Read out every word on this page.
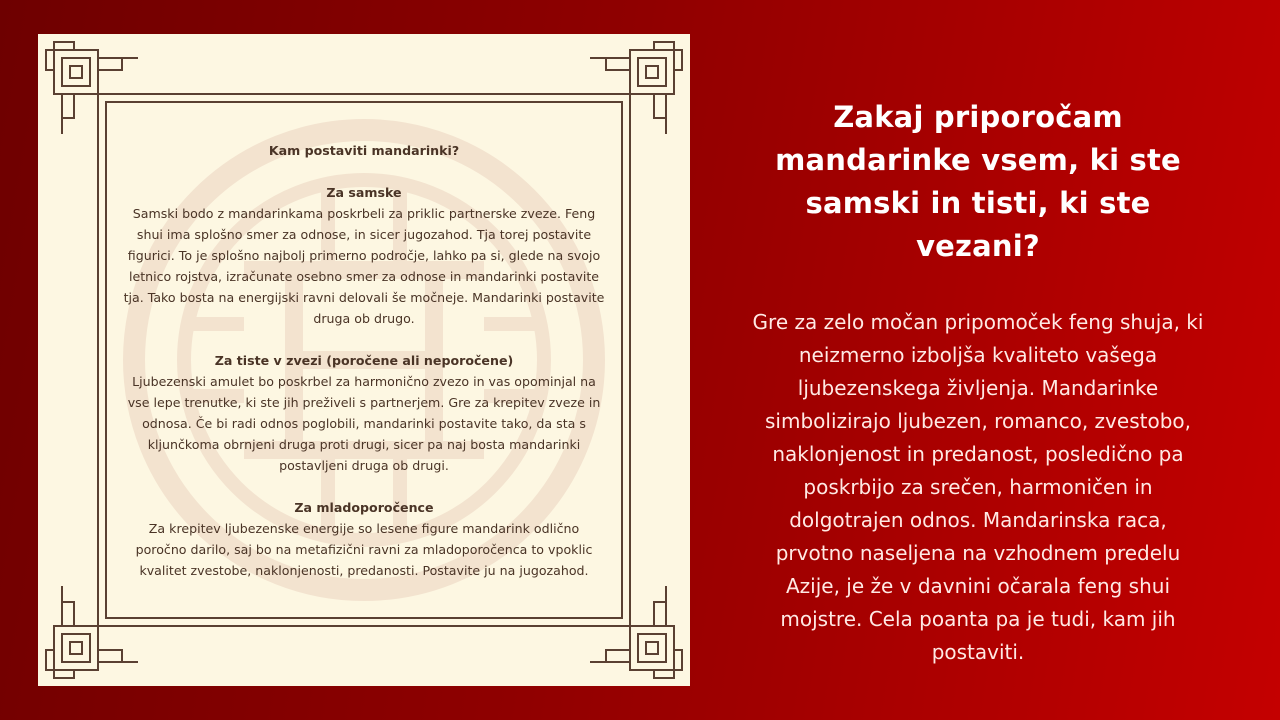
Kam postaviti mandarinki?
Za samske
Samski bodo z mandarinkama poskrbeli za priklic partnerske zveze. Feng shui ima splošno smer za odnose, in sicer jugozahod. Tja torej postavite figurici. To je splošno najbolj primerno področje, lahko pa si, glede na svojo letnico rojstva, izračunate osebno smer za odnose in mandarinki postavite tja. Tako bosta na energijski ravni delovali še močneje. Mandarinki postavite druga ob drugo.
Za tiste v zvezi (poročene ali neporočene)
Ljubezenski amulet bo poskrbel za harmonično zvezo in vas opominjal na vse lepe trenutke, ki ste jih preživeli s partnerjem. Gre za krepitev zveze in odnosa. Če bi radi odnos poglobili, mandarinki postavite tako, da sta s kljunčkoma obrnjeni druga proti drugi, sicer pa naj bosta mandarinki postavljeni druga ob drugi.
Za mladoporočence
Za krepitev ljubezenske energije so lesene figure mandarink odlično poročno darilo, saj bo na metafizični ravni za mladoporočenca to vpoklic kvalitet zvestobe, naklonjenosti, predanosti. Postavite ju na jugozahod.
Zakaj priporočam mandarinke vsem, ki ste samski in tisti, ki ste vezani?

Gre za zelo močan pripomoček feng shuja, ki neizmerno izboljša kvaliteto vašega ljubezenskega življenja. Mandarinke simbolizirajo ljubezen, romanco, zvestobo, naklonjenost in predanost, posledično pa poskrbijo za srečen, harmoničen in dolgotrajen odnos. Mandarinska raca, prvotno naseljena na vzhodnem predelu Azije, je že v davnini očarala feng shui mojstre. Cela poanta pa je tudi, kam jih postaviti.
